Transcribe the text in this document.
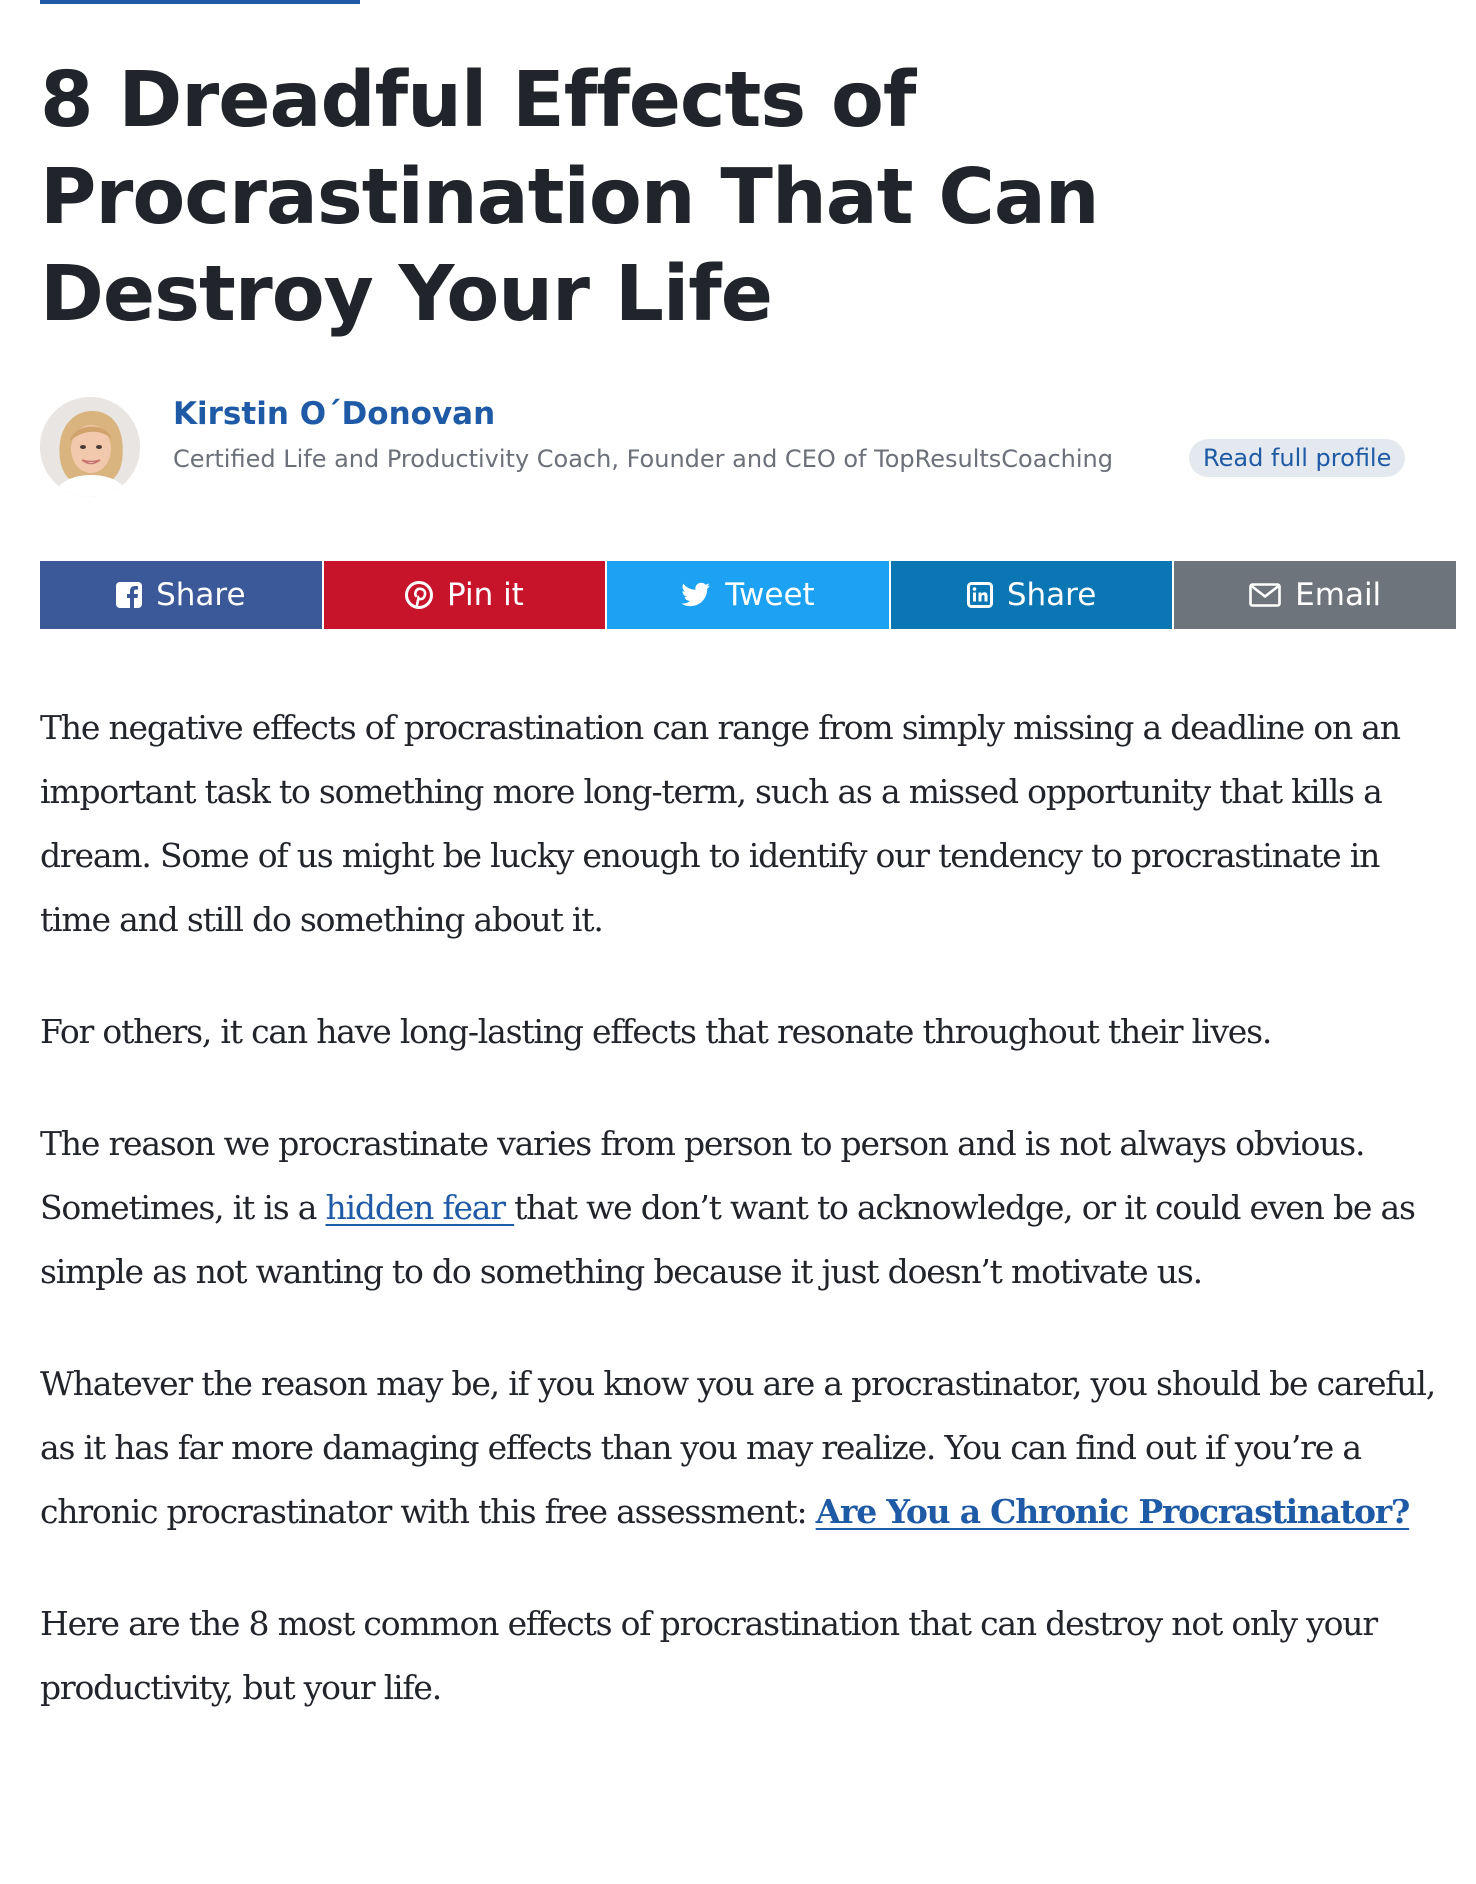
8 Dreadful Effects of Procrastination That Can Destroy Your Life
Kirstin O´Donovan
Certified Life and Productivity Coach, Founder and CEO of TopResultsCoaching	Read full profile
Share	Pin it	Tweet	Share	Email

The negative effects of procrastination can range from simply missing a deadline on an important task to something more long-term, such as a missed opportunity that kills a dream. Some of us might be lucky enough to identify our tendency to procrastinate in time and still do something about it.

For others, it can have long-lasting effects that resonate throughout their lives.

The reason we procrastinate varies from person to person and is not always obvious. Sometimes, it is a hidden fear that we don’t want to acknowledge, or it could even be as simple as not wanting to do something because it just doesn’t motivate us.

Whatever the reason may be, if you know you are a procrastinator, you should be careful, as it has far more damaging effects than you may realize. You can find out if you’re a chronic procrastinator with this free assessment: Are You a Chronic Procrastinator?

Here are the 8 most common effects of procrastination that can destroy not only your productivity, but your life.
